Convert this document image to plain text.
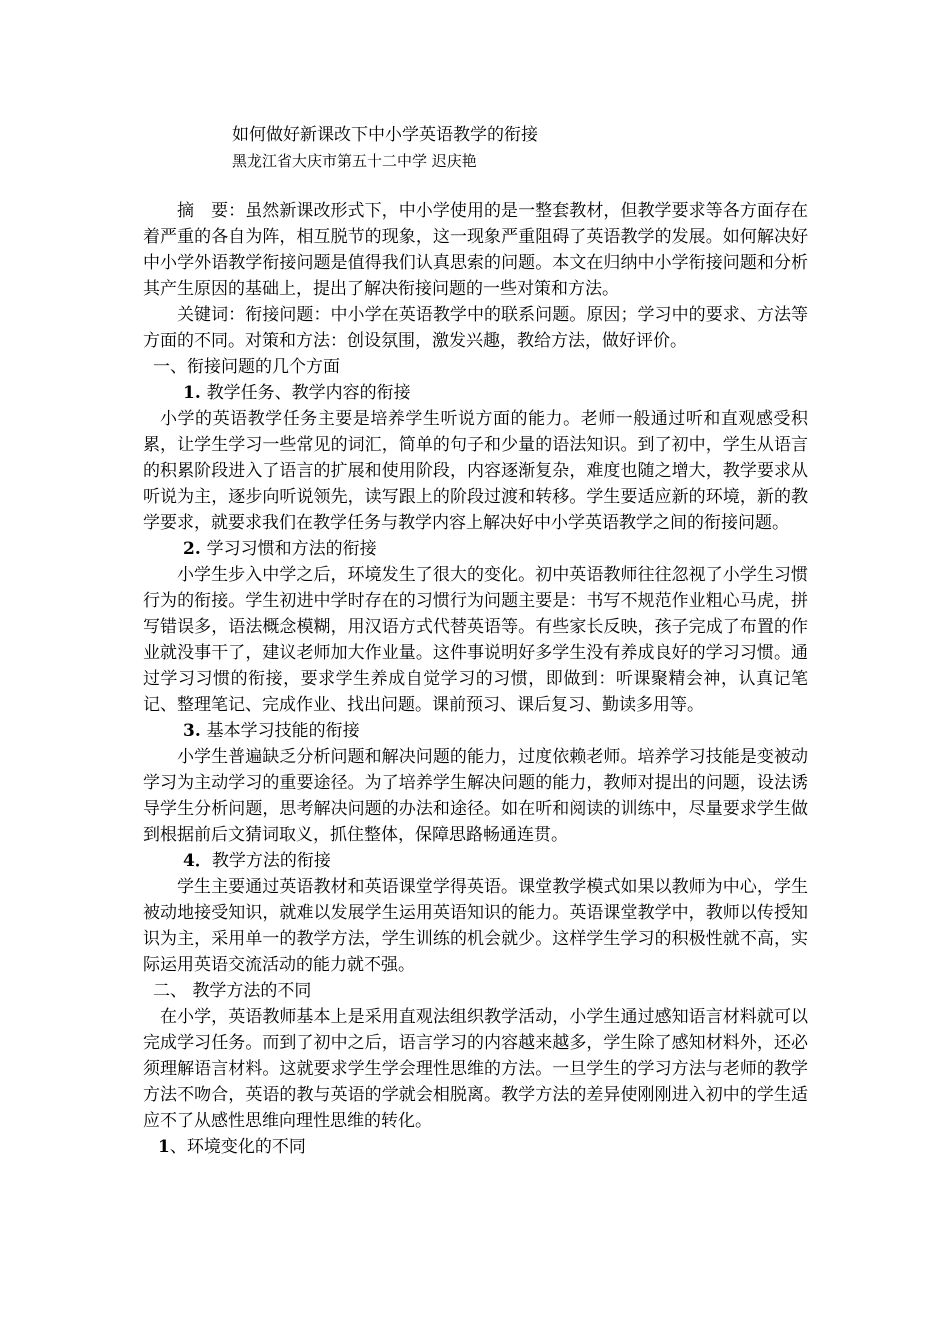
如何做好新课改下中小学英语教学的衔接
黑龙江省大庆市第五十二中学 迟庆艳

摘　要：虽然新课改形式下，中小学使用的是一整套教材，但教学要求等各方面存在着严重的各自为阵，相互脱节的现象，这一现象严重阻碍了英语教学的发展。如何解决好中小学外语教学衔接问题是值得我们认真思索的问题。本文在归纳中小学衔接问题和分析其产生原因的基础上，提出了解决衔接问题的一些对策和方法。

关键词：衔接问题：中小学在英语教学中的联系问题。原因；学习中的要求、方法等方面的不同。对策和方法：创设氛围，激发兴趣，教给方法，做好评价。

一、衔接问题的几个方面

1. 教学任务、教学内容的衔接

小学的英语教学任务主要是培养学生听说方面的能力。老师一般通过听和直观感受积累，让学生学习一些常见的词汇，简单的句子和少量的语法知识。到了初中，学生从语言的积累阶段进入了语言的扩展和使用阶段，内容逐渐复杂，难度也随之增大，教学要求从听说为主，逐步向听说领先，读写跟上的阶段过渡和转移。学生要适应新的环境，新的教学要求，就要求我们在教学任务与教学内容上解决好中小学英语教学之间的衔接问题。

2. 学习习惯和方法的衔接

小学生步入中学之后，环境发生了很大的变化。初中英语教师往往忽视了小学生习惯行为的衔接。学生初进中学时存在的习惯行为问题主要是：书写不规范作业粗心马虎，拼写错误多，语法概念模糊，用汉语方式代替英语等。有些家长反映，孩子完成了布置的作业就没事干了，建议老师加大作业量。这件事说明好多学生没有养成良好的学习习惯。通过学习习惯的衔接，要求学生养成自觉学习的习惯，即做到：听课聚精会神，认真记笔记、整理笔记、完成作业、找出问题。课前预习、课后复习、勤读多用等。

3. 基本学习技能的衔接

小学生普遍缺乏分析问题和解决问题的能力，过度依赖老师。培养学习技能是变被动学习为主动学习的重要途径。为了培养学生解决问题的能力，教师对提出的问题，设法诱导学生分析问题，思考解决问题的办法和途径。如在听和阅读的训练中，尽量要求学生做到根据前后文猜词取义，抓住整体，保障思路畅通连贯。

4．教学方法的衔接

学生主要通过英语教材和英语课堂学得英语。课堂教学模式如果以教师为中心，学生被动地接受知识，就难以发展学生运用英语知识的能力。英语课堂教学中，教师以传授知识为主，采用单一的教学方法，学生训练的机会就少。这样学生学习的积极性就不高，实际运用英语交流活动的能力就不强。

二、 教学方法的不同

在小学，英语教师基本上是采用直观法组织教学活动，小学生通过感知语言材料就可以完成学习任务。而到了初中之后，语言学习的内容越来越多，学生除了感知材料外，还必须理解语言材料。这就要求学生学会理性思维的方法。一旦学生的学习方法与老师的教学方法不吻合，英语的教与英语的学就会相脱离。教学方法的差异使刚刚进入初中的学生适应不了从感性思维向理性思维的转化。

1、环境变化的不同
